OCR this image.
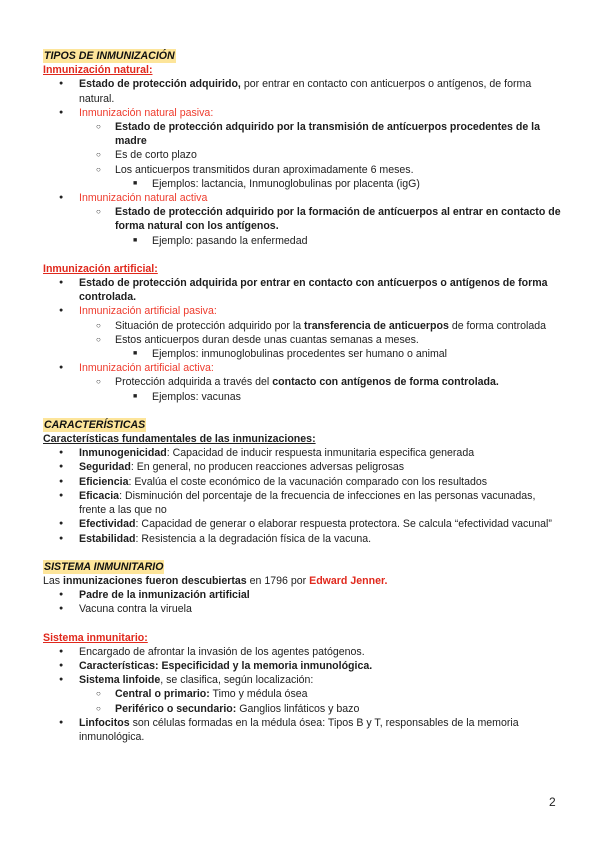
TIPOS DE INMUNIZACIÓN
Inmunización natural:
● Estado de protección adquirido, por entrar en contacto con anticuerpos o antígenos, de forma natural.
● Inmunización natural pasiva:
○ Estado de protección adquirido por la transmisión de antícuerpos procedentes de la madre
○ Es de corto plazo
○ Los anticuerpos transmitidos duran aproximadamente 6 meses.
■ Ejemplos: lactancia, Inmunoglobulinas por placenta (igG)
● Inmunización natural activa
○ Estado de protección adquirido por la formación de antícuerpos al entrar en contacto de forma natural con los antígenos.
■ Ejemplo: pasando la enfermedad
Inmunización artificial:
● Estado de protección adquirida por entrar en contacto con antícuerpos o antígenos de forma controlada.
● Inmunización artificial pasiva:
○ Situación de protección adquirido por la transferencia de anticuerpos de forma controlada
○ Estos anticuerpos duran desde unas cuantas semanas a meses.
■ Ejemplos: inmunoglobulinas procedentes ser humano o animal
● Inmunización artificial activa:
○ Protección adquirida a través del contacto con antígenos de forma controlada.
■ Ejemplos: vacunas
CARACTERÍSTICAS
Características fundamentales de las inmunizaciones:
● Inmunogenicidad: Capacidad de inducir respuesta inmunitaria especifica generada
● Seguridad: En general, no producen reacciones adversas peligrosas
● Eficiencia: Evalúa el coste económico de la vacunación comparado con los resultados
● Eficacia: Disminución del porcentaje de la frecuencia de infecciones en las personas vacunadas, frente a las que no
● Efectividad: Capacidad de generar o elaborar respuesta protectora. Se calcula “efectividad vacunal”
● Estabilidad: Resistencia a la degradación física de la vacuna.
SISTEMA INMUNITARIO
Las inmunizaciones fueron descubiertas en 1796 por Edward Jenner.
● Padre de la inmunización artificial
● Vacuna contra la viruela
Sistema inmunitario:
● Encargado de afrontar la invasión de los agentes patógenos.
● Características: Especificidad y la memoria inmunológica.
● Sistema linfoide, se clasifica, según localización:
○ Central o primario: Timo y médula ósea
○ Periférico o secundario: Ganglios linfáticos y bazo
● Linfocitos son células formadas en la médula ósea: Tipos B y T, responsables de la memoria inmunológica.
2
